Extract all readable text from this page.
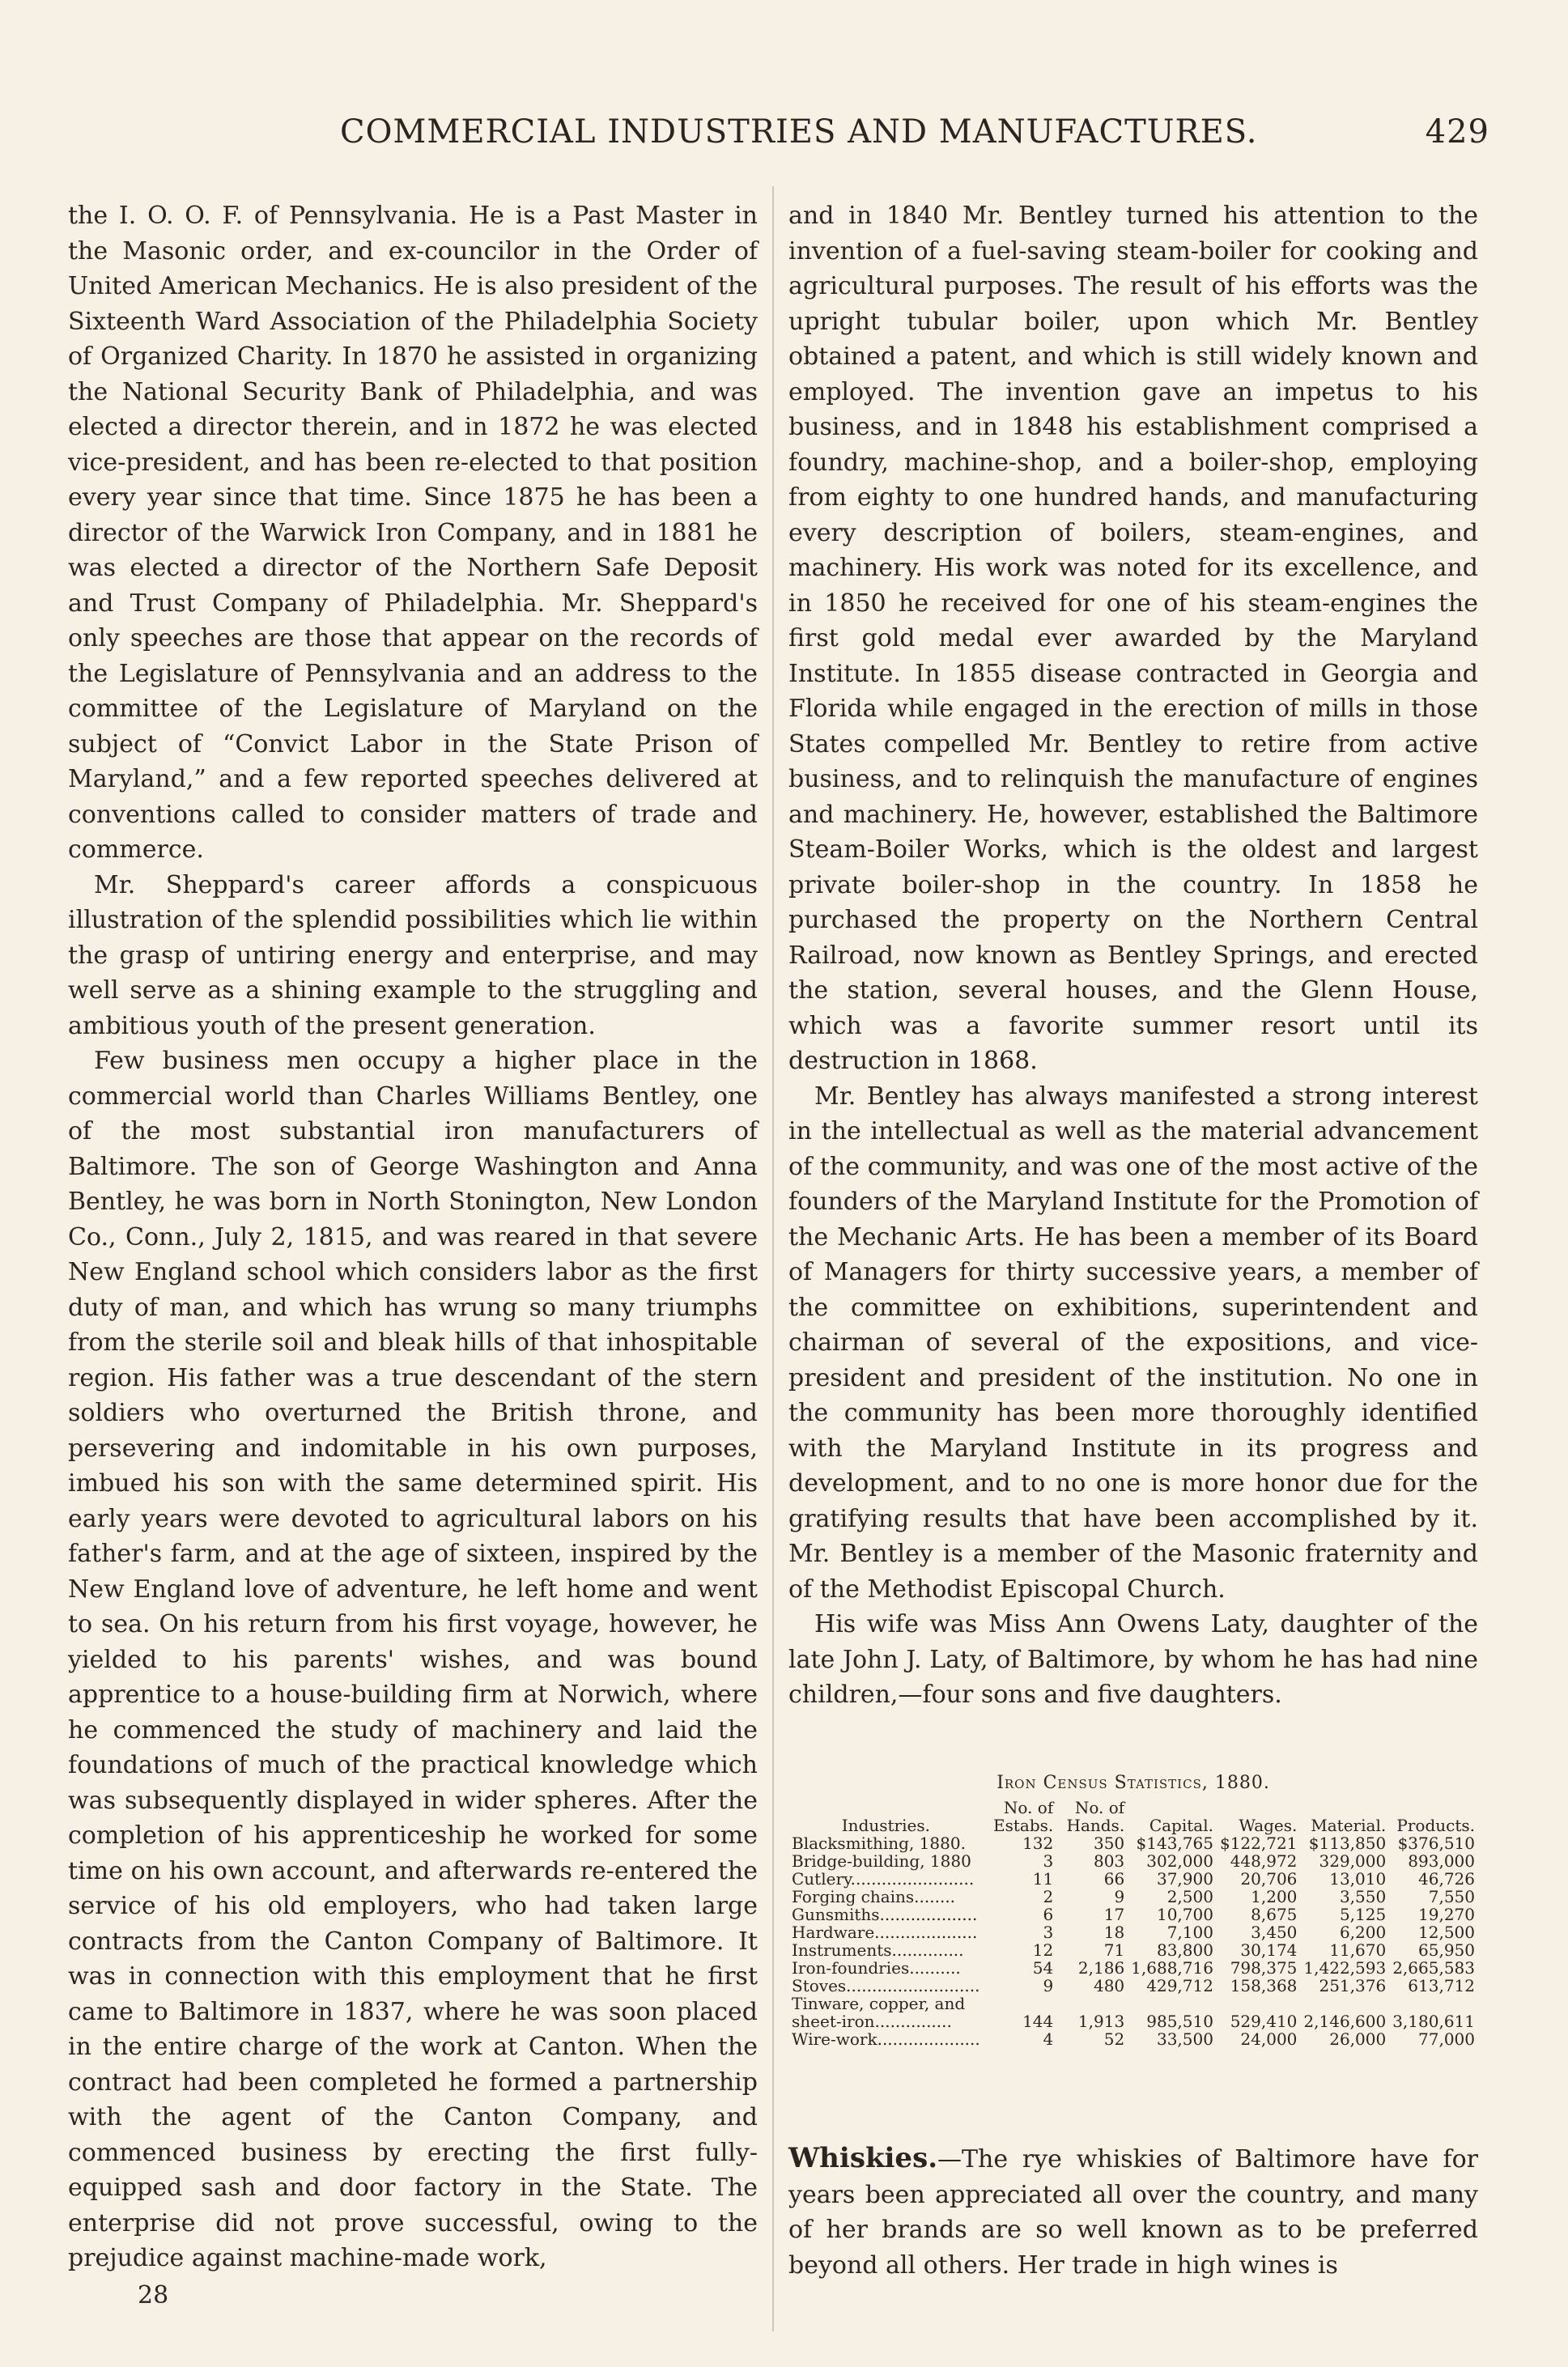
COMMERCIAL INDUSTRIES AND MANUFACTURES.	429

the I. O. O. F. of Pennsylvania. He is a Past Master in the Masonic order, and ex-councilor in the Order of United American Mechanics. He is also president of the Sixteenth Ward Association of the Philadelphia Society of Organized Charity. In 1870 he assisted in organizing the National Security Bank of Philadelphia, and was elected a director therein, and in 1872 he was elected vice-president, and has been re-elected to that position every year since that time. Since 1875 he has been a director of the Warwick Iron Company, and in 1881 he was elected a director of the Northern Safe Deposit and Trust Company of Philadelphia. Mr. Sheppard's only speeches are those that appear on the records of the Legislature of Pennsylvania and an address to the committee of the Legislature of Maryland on the subject of “Convict Labor in the State Prison of Maryland,” and a few reported speeches delivered at conventions called to consider matters of trade and commerce.

Mr. Sheppard's career affords a conspicuous illustration of the splendid possibilities which lie within the grasp of untiring energy and enterprise, and may well serve as a shining example to the struggling and ambitious youth of the present generation.

Few business men occupy a higher place in the commercial world than Charles Williams Bentley, one of the most substantial iron manufacturers of Baltimore. The son of George Washington and Anna Bentley, he was born in North Stonington, New London Co., Conn., July 2, 1815, and was reared in that severe New England school which considers labor as the first duty of man, and which has wrung so many triumphs from the sterile soil and bleak hills of that inhospitable region. His father was a true descendant of the stern soldiers who overturned the British throne, and persevering and indomitable in his own purposes, imbued his son with the same determined spirit. His early years were devoted to agricultural labors on his father's farm, and at the age of sixteen, inspired by the New England love of adventure, he left home and went to sea. On his return from his first voyage, however, he yielded to his parents' wishes, and was bound apprentice to a house-building firm at Norwich, where he commenced the study of machinery and laid the foundations of much of the practical knowledge which was subsequently displayed in wider spheres. After the completion of his apprenticeship he worked for some time on his own account, and afterwards re-entered the service of his old employers, who had taken large contracts from the Canton Company of Baltimore. It was in connection with this employment that he first came to Baltimore in 1837, where he was soon placed in the entire charge of the work at Canton. When the contract had been completed he formed a partnership with the agent of the Canton Company, and commenced business by erecting the first fully-equipped sash and door factory in the State. The enterprise did not prove successful, owing to the prejudice against machine-made work,

and in 1840 Mr. Bentley turned his attention to the invention of a fuel-saving steam-boiler for cooking and agricultural purposes. The result of his efforts was the upright tubular boiler, upon which Mr. Bentley obtained a patent, and which is still widely known and employed. The invention gave an impetus to his business, and in 1848 his establishment comprised a foundry, machine-shop, and a boiler-shop, employing from eighty to one hundred hands, and manufacturing every description of boilers, steam-engines, and machinery. His work was noted for its excellence, and in 1850 he received for one of his steam-engines the first gold medal ever awarded by the Maryland Institute. In 1855 disease contracted in Georgia and Florida while engaged in the erection of mills in those States compelled Mr. Bentley to retire from active business, and to relinquish the manufacture of engines and machinery. He, however, established the Baltimore Steam-Boiler Works, which is the oldest and largest private boiler-shop in the country. In 1858 he purchased the property on the Northern Central Railroad, now known as Bentley Springs, and erected the station, several houses, and the Glenn House, which was a favorite summer resort until its destruction in 1868.

Mr. Bentley has always manifested a strong interest in the intellectual as well as the material advancement of the community, and was one of the most active of the founders of the Maryland Institute for the Promotion of the Mechanic Arts. He has been a member of its Board of Managers for thirty successive years, a member of the committee on exhibitions, superintendent and chairman of several of the expositions, and vice-president and president of the institution. No one in the community has been more thoroughly identified with the Maryland Institute in its progress and development, and to no one is more honor due for the gratifying results that have been accomplished by it. Mr. Bentley is a member of the Masonic fraternity and of the Methodist Episcopal Church.

His wife was Miss Ann Owens Laty, daughter of the late John J. Laty, of Baltimore, by whom he has had nine children,—four sons and five daughters.

Iron Census Statistics, 1880.
Industries.	No. of Estabs.	No. of Hands.	Capital.	Wages.	Material.	Products.
Blacksmithing, 1880.	132	350	$143,765	$122,721	$113,850	$376,510
Bridge-building, 1880	3	803	302,000	448,972	329,000	893,000
Cutlery........................	11	66	37,900	20,706	13,010	46,726
Forging chains........	2	9	2,500	1,200	3,550	7,550
Gunsmiths...................	6	17	10,700	8,675	5,125	19,270
Hardware....................	3	18	7,100	3,450	6,200	12,500
Instruments..............	12	71	83,800	30,174	11,670	65,950
Iron-foundries..........	54	2,186	1,688,716	798,375	1,422,593	2,665,583
Stoves..........................	9	480	429,712	158,368	251,376	613,712
Tinware, copper, and						
sheet-iron...............	144	1,913	985,510	529,410	2,146,600	3,180,611
Wire-work....................	4	52	33,500	24,000	26,000	77,000
Whiskies.—The rye whiskies of Baltimore have for years been appreciated all over the country, and many of her brands are so well known as to be preferred beyond all others. Her trade in high wines is
28
